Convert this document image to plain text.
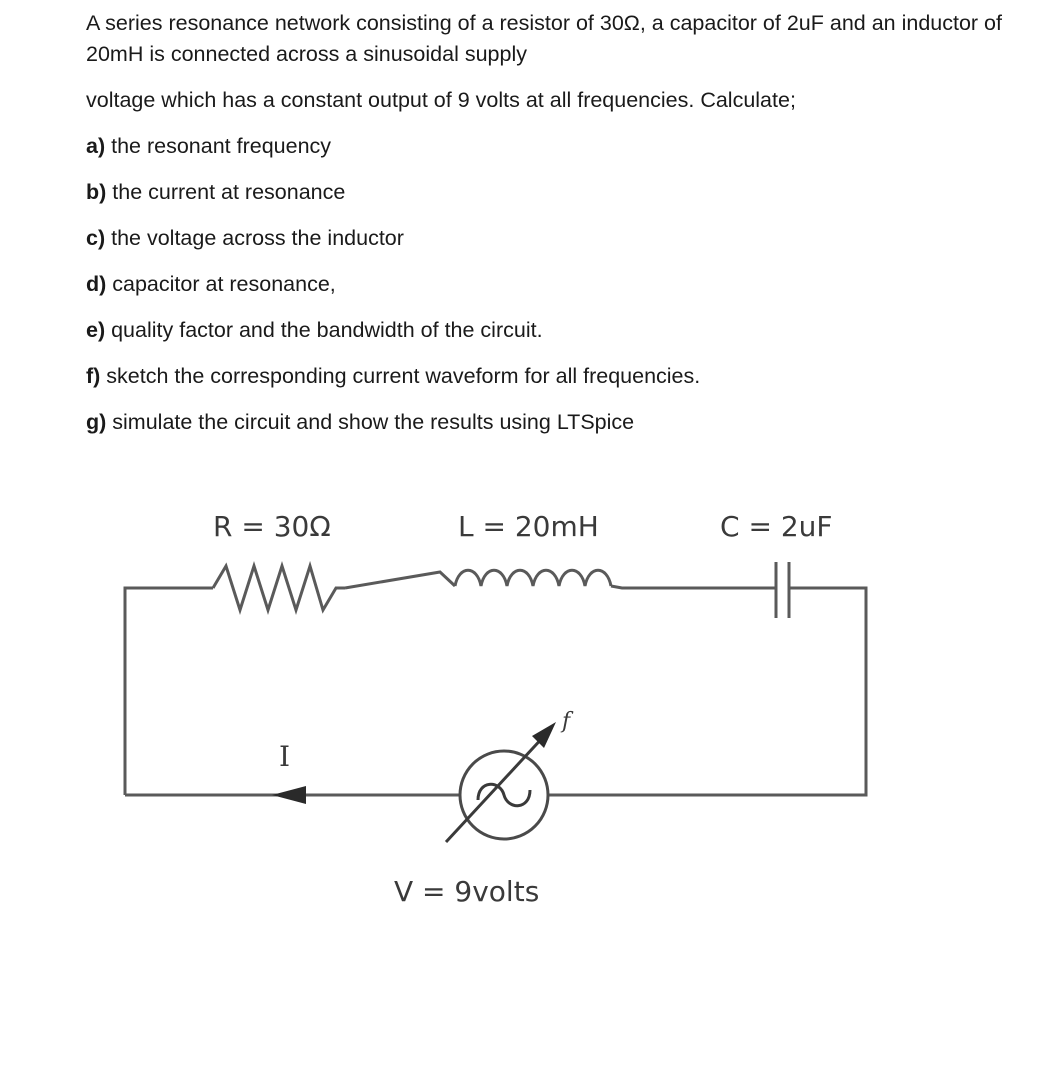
A series resonance network consisting of a resistor of 30Ω, a capacitor of 2uF and an inductor of 20mH is connected across a sinusoidal supply

voltage which has a constant output of 9 volts at all frequencies. Calculate;

a) the resonant frequency

b) the current at resonance

c) the voltage across the inductor

d) capacitor at resonance,

e) quality factor and the bandwidth of the circuit.

f) sketch the corresponding current waveform for all frequencies.

g) simulate the circuit and show the results using LTSpice

R = 30Ω	L = 20mH	C = 2uF
I
f
V = 9volts
